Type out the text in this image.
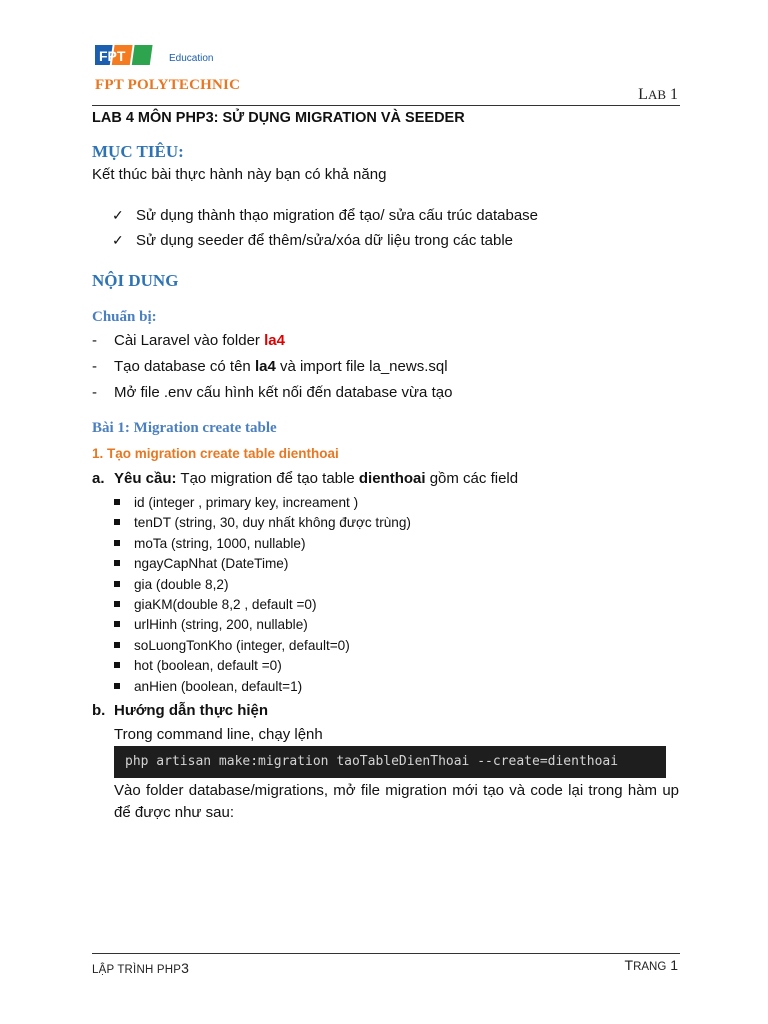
FPT	Education
FPT POLYTECHNIC
LAB 1
LAB 4 MÔN PHP3: SỬ DỤNG MIGRATION VÀ SEEDER
MỤC TIÊU:
Kết thúc bài thực hành này bạn có khả năng
✓ Sử dụng thành thạo migration để tạo/ sửa cấu trúc database
✓ Sử dụng seeder để thêm/sửa/xóa dữ liệu trong các table
NỘI DUNG
Chuẩn bị:
- Cài Laravel vào folder la4
- Tạo database có tên la4 và import file la_news.sql
- Mở file .env cấu hình kết nối đến database vừa tạo
Bài 1: Migration create table
1. Tạo migration create table dienthoai
a. Yêu cầu: Tạo migration để tạo table dienthoai gồm các field
id (integer , primary key, increament )
tenDT (string, 30, duy nhất không được trùng)
moTa (string, 1000, nullable)
ngayCapNhat (DateTime)
gia (double 8,2)
giaKM(double 8,2 , default =0)
urlHinh (string, 200, nullable)
soLuongTonKho (integer, default=0)
hot (boolean, default =0)
anHien (boolean, default=1)
b. Hướng dẫn thực hiện
Trong command line, chạy lệnh
php artisan make:migration taoTableDienThoai --create=dienthoai
Vào folder database/migrations, mở file migration mới tạo và code lại trong hàm up để được như sau:
LẬP TRÌNH PHP3	TRANG 1
